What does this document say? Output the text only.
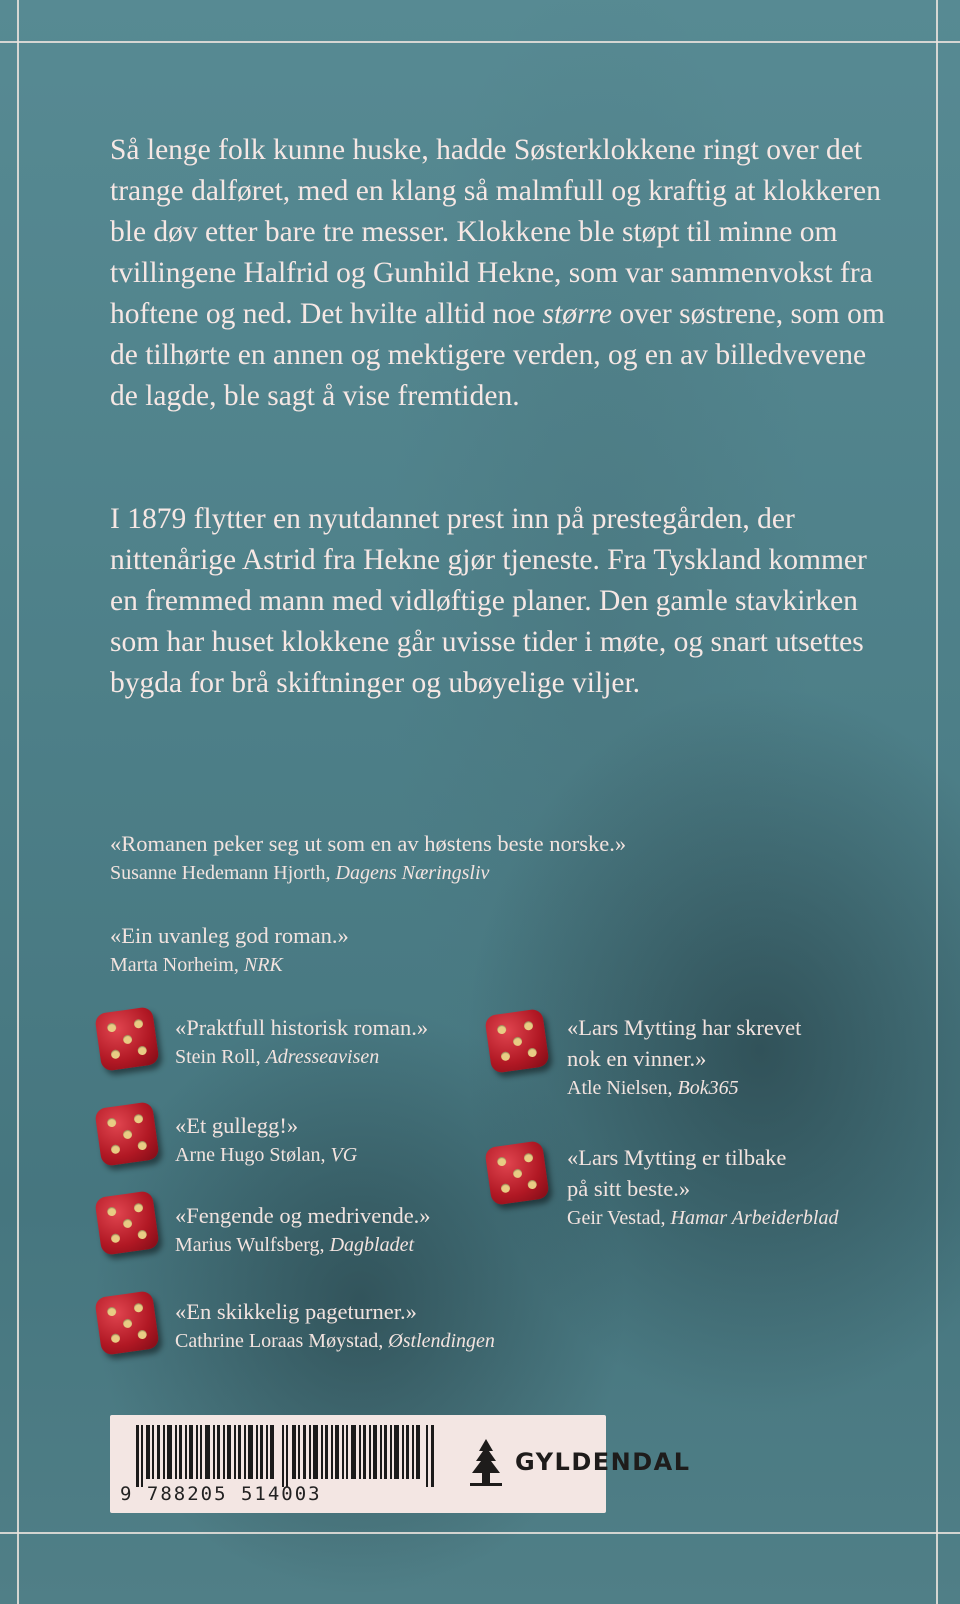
Så lenge folk kunne huske, hadde Søsterklokkene ringt over det trange dalføret, med en klang så malmfull og kraftig at klokkeren ble døv etter bare tre messer. Klokkene ble støpt til minne om tvillingene Halfrid og Gunhild Hekne, som var sammenvokst fra hoftene og ned. Det hvilte alltid noe større over søstrene, som om de tilhørte en annen og mektigere verden, og en av billedvevene de lagde, ble sagt å vise fremtiden.

I 1879 flytter en nyutdannet prest inn på prestegården, der nittenårige Astrid fra Hekne gjør tjeneste. Fra Tyskland kommer en fremmed mann med vidløftige planer. Den gamle stavkirken som har huset klokkene går uvisse tider i møte, og snart utsettes bygda for brå skiftninger og ubøyelige viljer.

«Romanen peker seg ut som en av høstens beste norske.»
Susanne Hedemann Hjorth, Dagens Næringsliv
«Ein uvanleg god roman.»
Marta Norheim, NRK
«Praktfull historisk roman.»
Stein Roll, Adresseavisen
«Et gullegg!»
Arne Hugo Stølan, VG
«Fengende og medrivende.»
Marius Wulfsberg, Dagbladet
«En skikkelig pageturner.»
Cathrine Loraas Møystad, Østlendingen
«Lars Mytting har skrevet
nok en vinner.»
Atle Nielsen, Bok365
«Lars Mytting er tilbake
på sitt beste.»
Geir Vestad, Hamar Arbeiderblad
9 788205 514003
GYLDENDAL
